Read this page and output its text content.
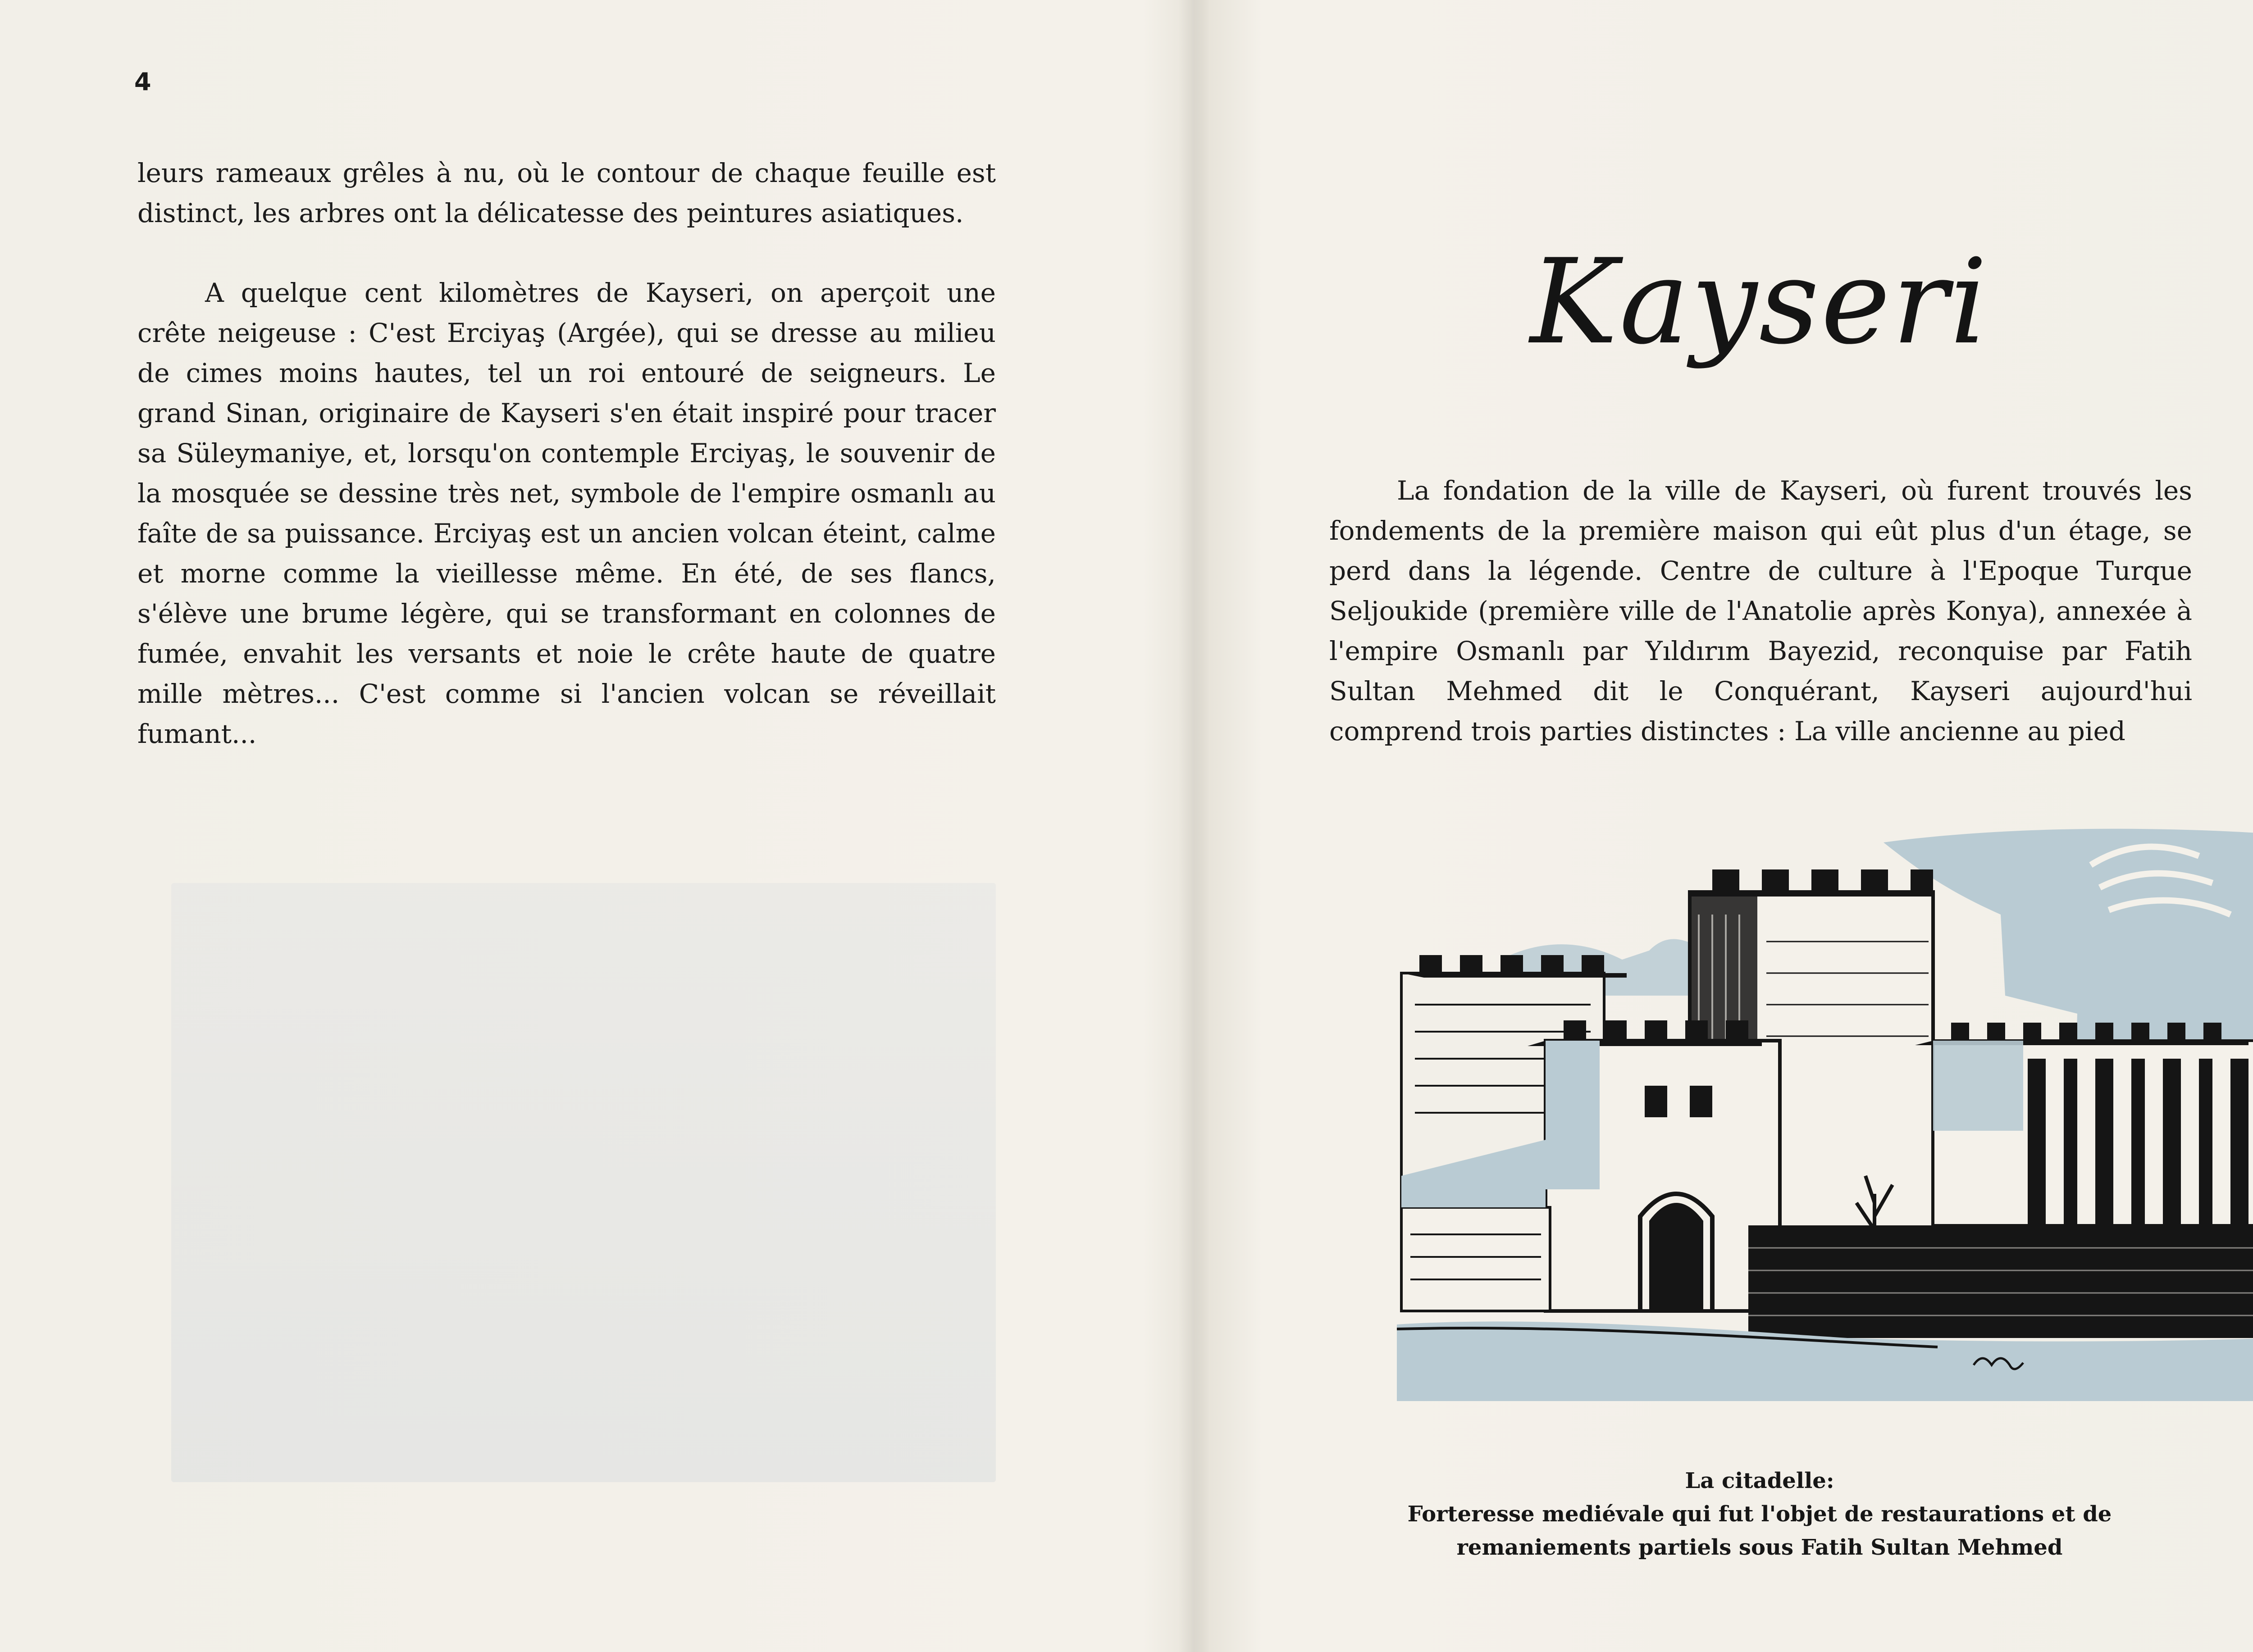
4

leurs rameaux grêles à nu, où le contour de chaque feuille est distinct, les arbres ont la délicatesse des peintures asiatiques.

A quelque cent kilomètres de Kayseri, on aperçoit une crête neigeuse : C'est Erciyaş (Argée), qui se dresse au milieu de cimes moins hautes, tel un roi entouré de seigneurs. Le grand Sinan, originaire de Kayseri s'en était inspiré pour tracer sa Süleymaniye, et, lorsqu'on contemple Erciyaş, le souvenir de la mosquée se dessine très net, symbole de l'empire osmanlı au faîte de sa puissance. Erciyaş est un ancien volcan éteint, calme et morne comme la vieillesse même. En été, de ses flancs, s'élève une brume légère, qui se transformant en colonnes de fumée, envahit les versants et noie le crête haute de quatre mille mètres... C'est comme si l'ancien volcan se réveillait fumant...

Kayseri

La fondation de la ville de Kayseri, où furent trouvés les fondements de la première maison qui eût plus d'un étage, se perd dans la légende. Centre de culture à l'Epoque Turque Seljoukide (première ville de l'Anatolie après Konya), annexée à l'empire Osmanlı par Yıldırım Bayezid, reconquise par Fatih Sultan Mehmed dit le Conquérant, Kayseri aujourd'hui comprend trois parties distinctes : La ville ancienne au pied

La citadelle:
Forteresse mediévale qui fut l'objet de restaurations et de
remaniements partiels sous Fatih Sultan Mehmed
